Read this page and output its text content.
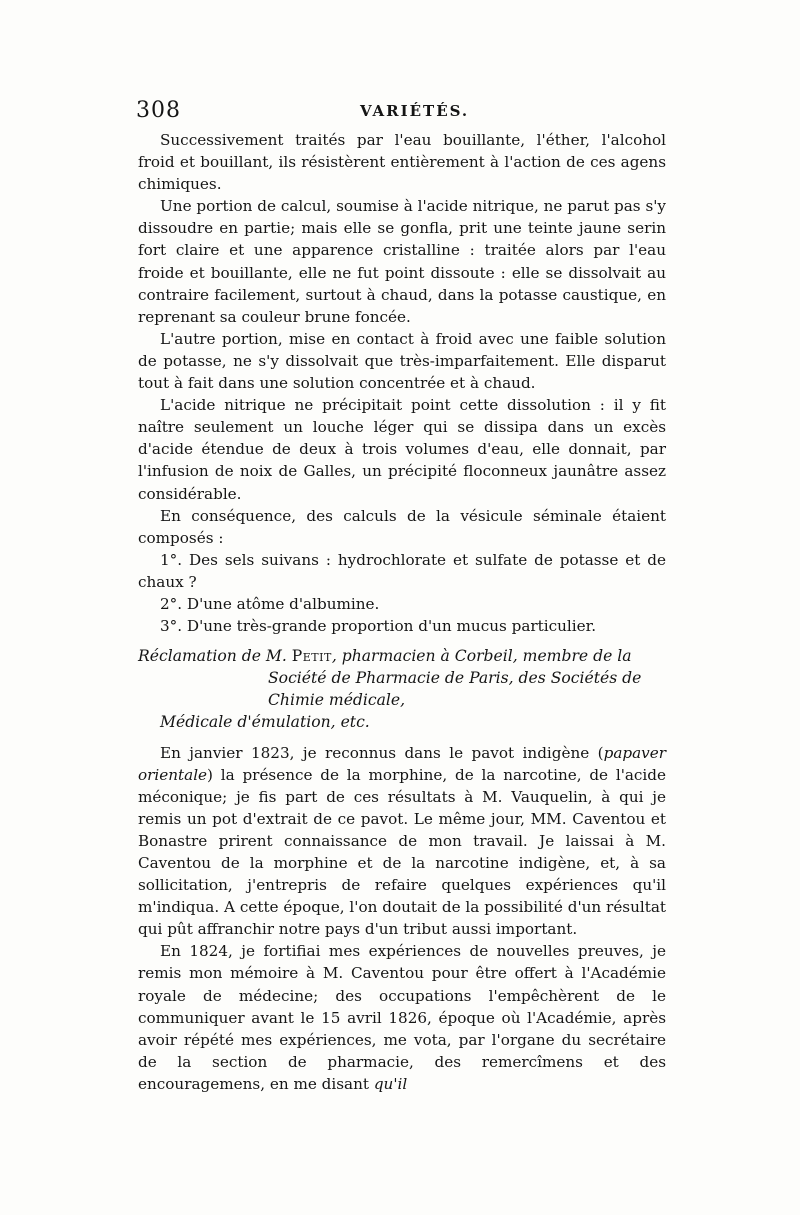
308	VARIÉTÉS.

Successivement traités par l'eau bouillante, l'éther, l'alcohol froid et bouillant, ils résistèrent entièrement à l'action de ces agens chimiques.

Une portion de calcul, soumise à l'acide nitrique, ne parut pas s'y dissoudre en partie; mais elle se gonfla, prit une teinte jaune serin fort claire et une apparence cristalline : traitée alors par l'eau froide et bouillante, elle ne fut point dissoute : elle se dissolvait au contraire facilement, surtout à chaud, dans la potasse caustique, en reprenant sa couleur brune foncée.

L'autre portion, mise en contact à froid avec une faible solution de potasse, ne s'y dissolvait que très-imparfaitement. Elle disparut tout à fait dans une solution concentrée et à chaud.

L'acide nitrique ne précipitait point cette dissolution : il y fit naître seulement un louche léger qui se dissipa dans un excès d'acide étendue de deux à trois volumes d'eau, elle donnait, par l'infusion de noix de Galles, un précipité floconneux jaunâtre assez considérable.

En conséquence, des calculs de la vésicule séminale étaient composés :

1°. Des sels suivans : hydrochlorate et sulfate de potasse et de chaux ?

2°. D'une atôme d'albumine.

3°. D'une très-grande proportion d'un mucus particulier.

Réclamation de M. Petit, pharmacien à Corbeil, membre de la

Société de Pharmacie de Paris, des Sociétés de Chimie médicale,

Médicale d'émulation, etc.

En janvier 1823, je reconnus dans le pavot indigène (papaver orientale) la présence de la morphine, de la narcotine, de l'acide méconique; je fis part de ces résultats à M. Vauquelin, à qui je remis un pot d'extrait de ce pavot. Le même jour, MM. Caventou et Bonastre prirent connaissance de mon travail. Je laissai à M. Caventou de la morphine et de la narcotine indigène, et, à sa sollicitation, j'entrepris de refaire quelques expériences qu'il m'indiqua. A cette époque, l'on doutait de la possibilité d'un résultat qui pût affranchir notre pays d'un tribut aussi important.

En 1824, je fortifiai mes expériences de nouvelles preuves, je remis mon mémoire à M. Caventou pour être offert à l'Académie royale de médecine; des occupations l'empêchèrent de le communiquer avant le 15 avril 1826, époque où l'Académie, après avoir répété mes expériences, me vota, par l'organe du secrétaire de la section de pharmacie, des remercîmens et des encouragemens, en me disant qu'il
